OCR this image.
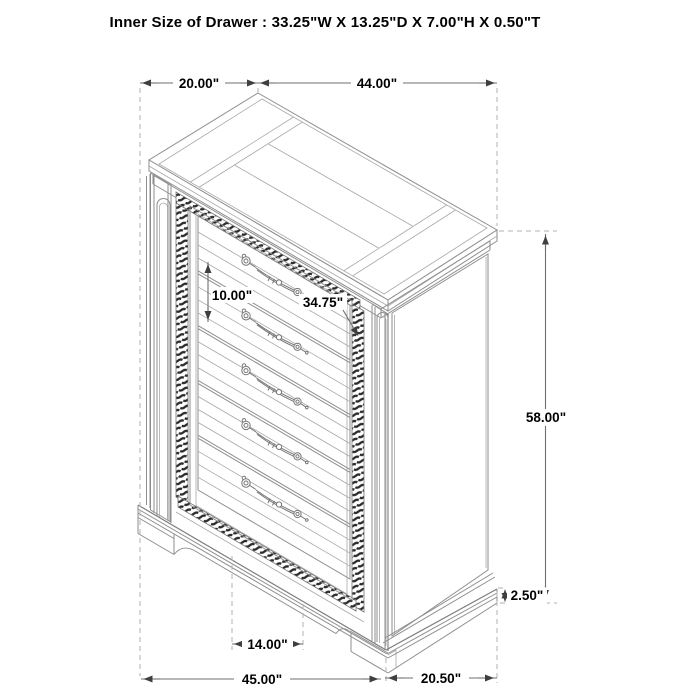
Inner Size of Drawer : 33.25"W X 13.25"D X 7.00"H X 0.50"T
20.00"	44.00"
58.00"
2.50"
14.00"
45.00"	20.50"
10.00"	34.75"
